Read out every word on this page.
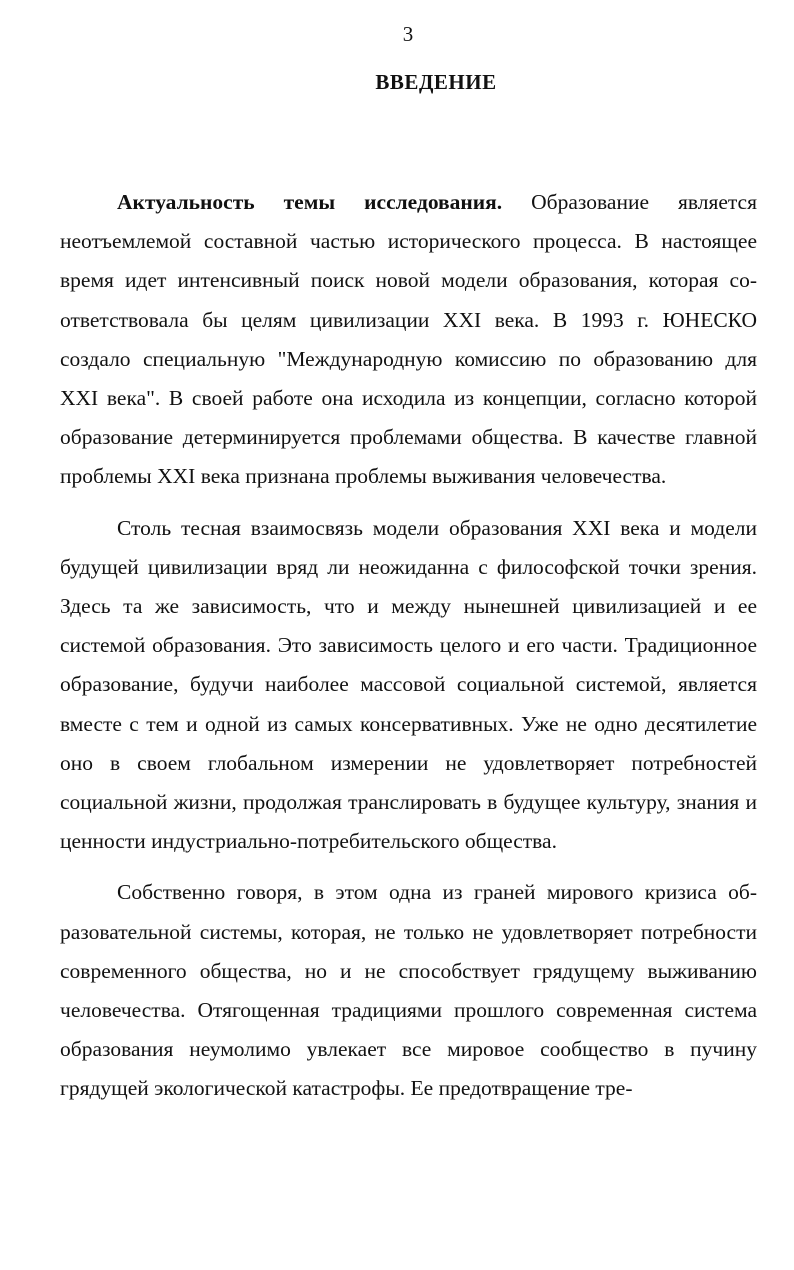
3
ВВЕДЕНИЕ

Актуальность темы исследования. Образование является неотъемлемой составной частью исторического процесса. В настоящее время идет интенсивный поиск новой модели образования, которая соответствовала бы целям цивилизации XXI века. В 1993 г. ЮНЕСКО создало специальную "Международную комиссию по образованию для XXI века". В своей работе она исходила из концепции, согласно которой образование детерминируется проблемами общества. В качестве главной проблемы XXI века признана проблемы выживания человечества.

Столь тесная взаимосвязь модели образования XXI века и модели будущей цивилизации вряд ли неожиданна с философской точки зрения. Здесь та же зависимость, что и между нынешней цивилизацией и ее системой образования. Это зависимость целого и его части. Традиционное образование, будучи наиболее массовой социальной системой, является вместе с тем и одной из самых консервативных. Уже не одно десятилетие оно в своем глобальном измерении не удовлетворяет потребностей социальной жизни, продолжая транслировать в будущее культуру, знания и ценности индустриально-потребительского общества.

Собственно говоря, в этом одна из граней мирового кризиса образовательной системы, которая, не только не удовлетворяет потребности современного общества, но и не способствует грядущему выживанию человечества. Отягощенная традициями прошлого современная система образования неумолимо увлекает все мировое сообщество в пучину грядущей экологической катастрофы. Ее предотвращение тре-
